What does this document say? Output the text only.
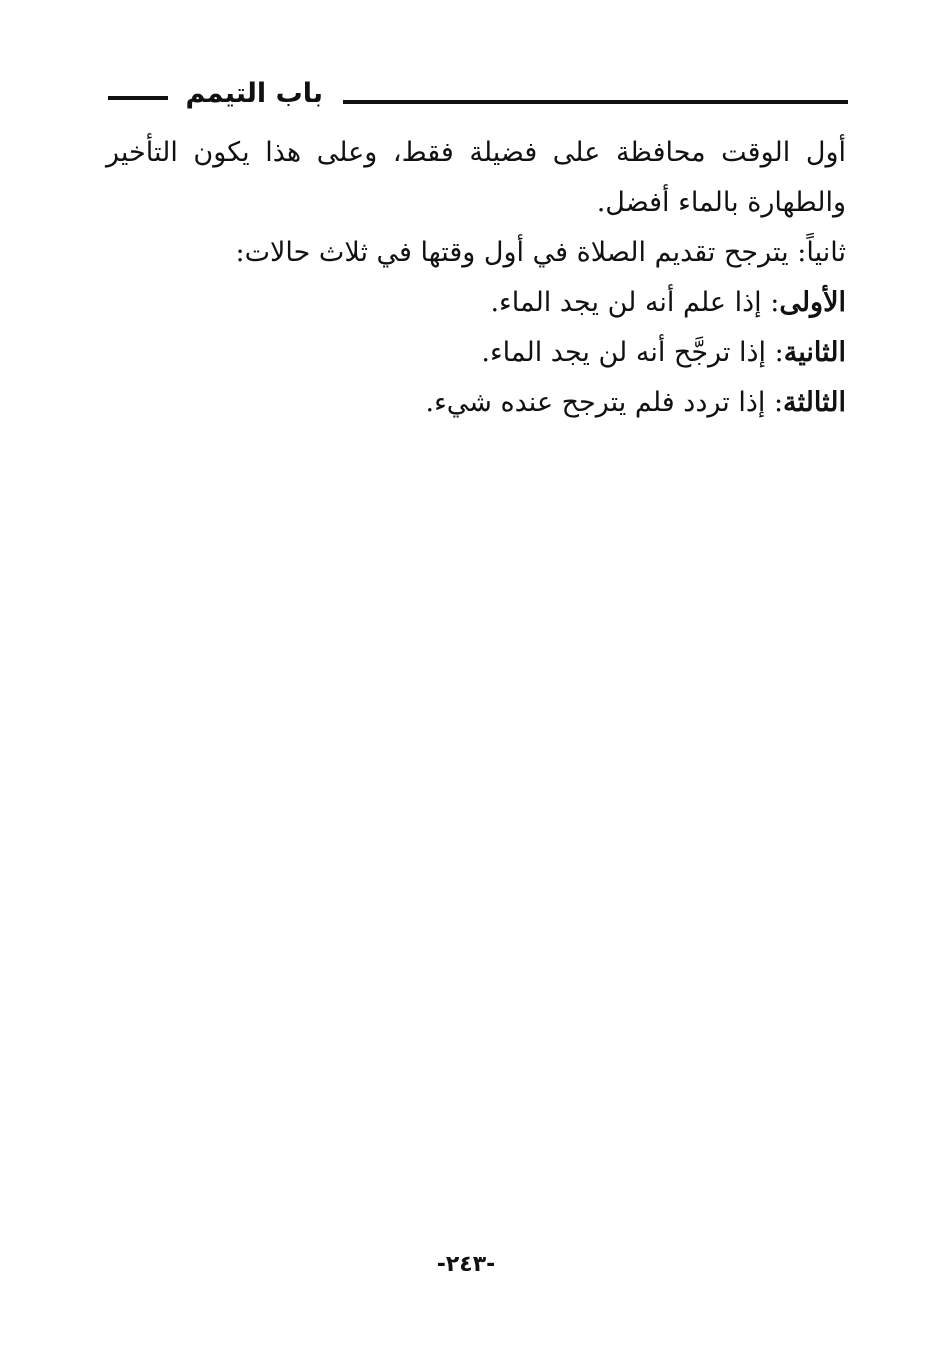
باب التيمم

أول الوقت محافظة على فضيلة فقط، وعلى هذا يكون التأخير والطهارة بالماء أفضل.

ثانياً: يترجح تقديم الصلاة في أول وقتها في ثلاث حالات:

الأولى: إذا علم أنه لن يجد الماء.

الثانية: إذا ترجَّح أنه لن يجد الماء.

الثالثة: إذا تردد فلم يترجح عنده شيء.

-٢٤٣-
